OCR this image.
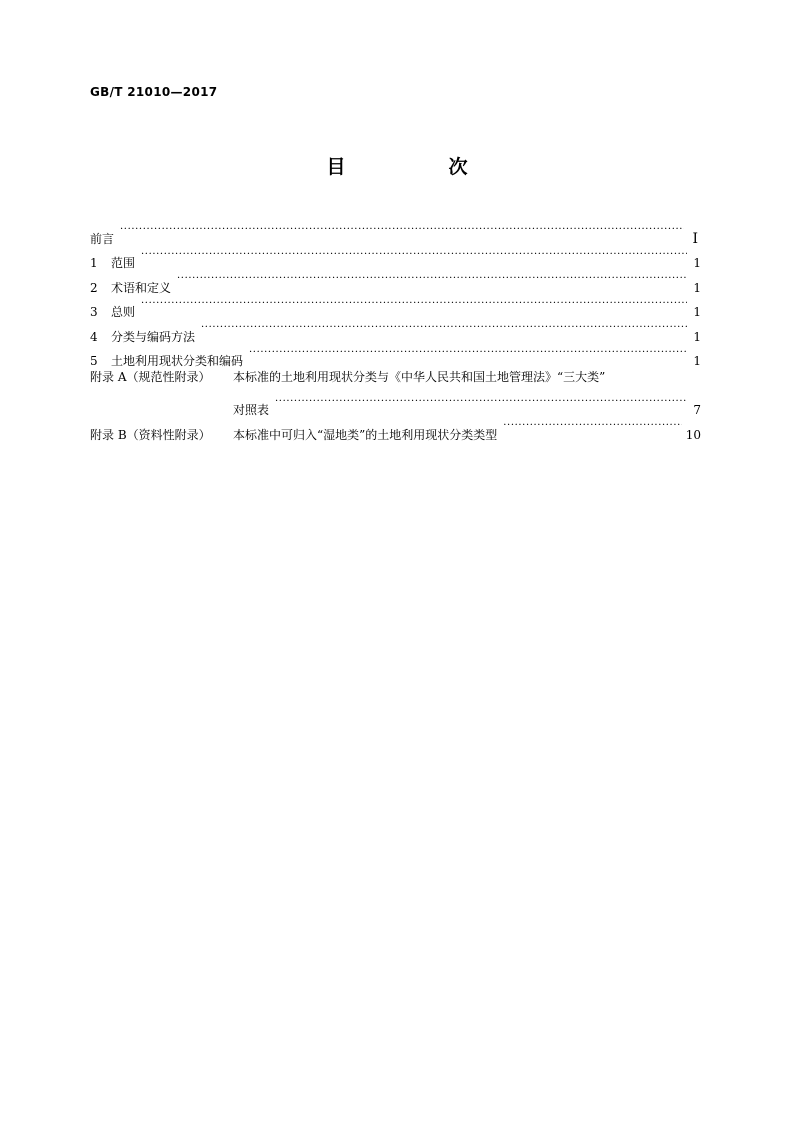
GB/T 21010—2017
目　次
前言 ·····	I
1	范围 ·····	1
2	术语和定义 ·····	1
3	总则 ·····	1
4	分类与编码方法 ·····	1
5	土地利用现状分类和编码 ·····	1
附录 A（规范性附录）	本标准的土地利用现状分类与《中华人民共和国土地管理法》“三大类”
对照表 ·····	7
附录 B（资料性附录）	本标准中可归入“湿地类”的土地利用现状分类类型 ·····	10
